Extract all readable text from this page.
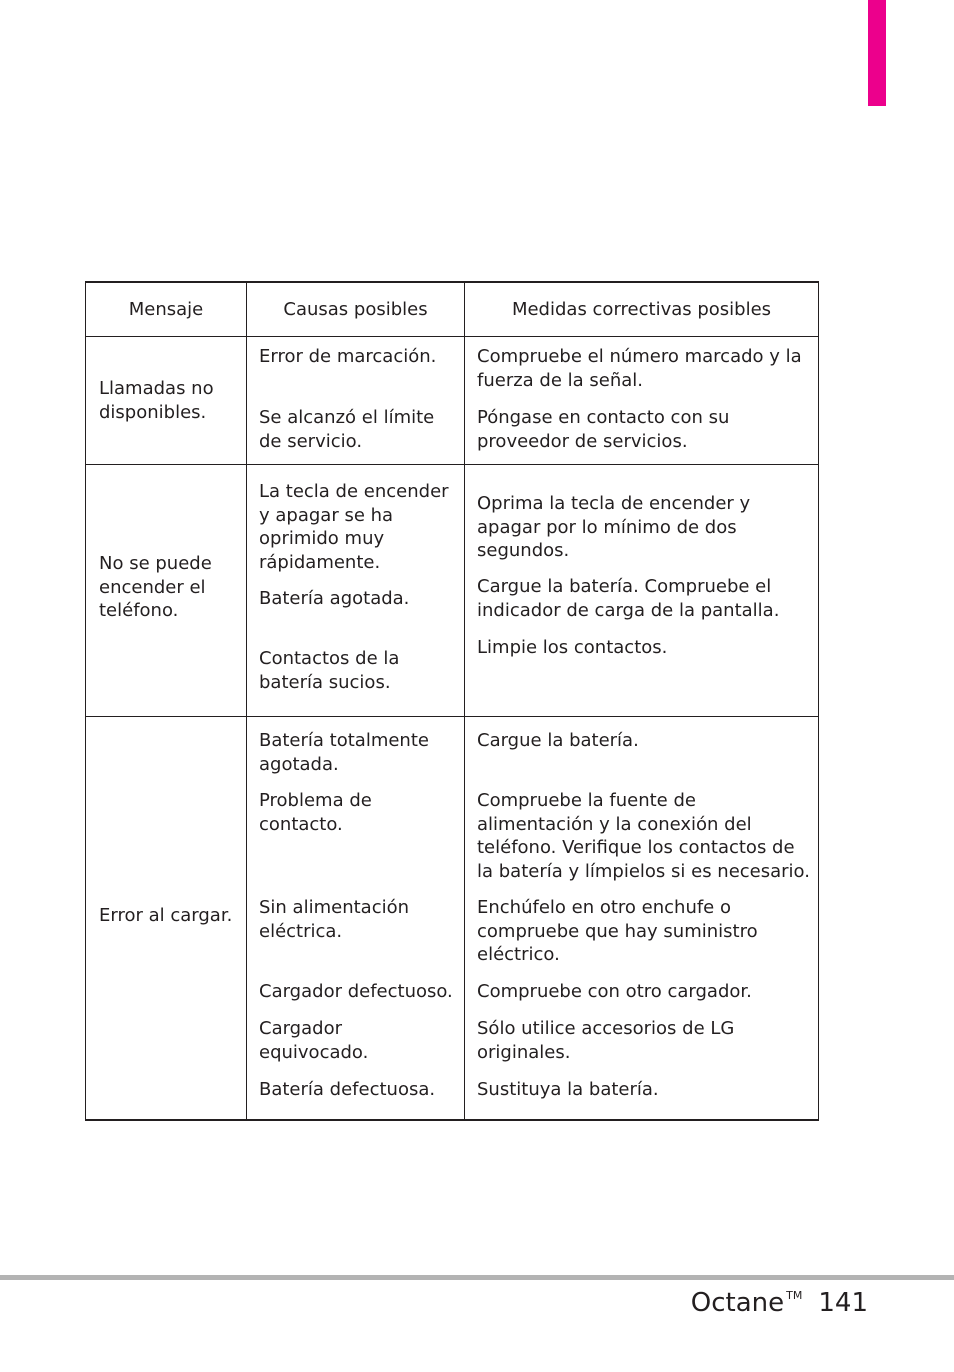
Mensaje	Causas posibles	Medidas correctivas posibles
Llamadas no disponibles.
Error de marcación.
Se alcanzó el límite de servicio.
Compruebe el número marcado y la fuerza de la señal.
Póngase en contacto con su proveedor de servicios.
No se puede encender el teléfono.
La tecla de encender y apagar se ha oprimido muy rápidamente.
Batería agotada.
Contactos de la batería sucios.
Oprima la tecla de encender y apagar por lo mínimo de dos segundos.
Cargue la batería. Compruebe el indicador de carga de la pantalla.
Limpie los contactos.
Error al cargar.
Batería totalmente agotada.
Problema de contacto.
Sin alimentación eléctrica.
Cargador defectuoso.
Cargador equivocado.
Batería defectuosa.
Cargue la batería.
Compruebe la fuente de alimentación y la conexión del teléfono. Verifique los contactos de la batería y límpielos si es necesario.
Enchúfelo en otro enchufe o compruebe que hay suministro eléctrico.
Compruebe con otro cargador.
Sólo utilice accesorios de LG originales.
Sustituya la batería.
Octane TM 141
